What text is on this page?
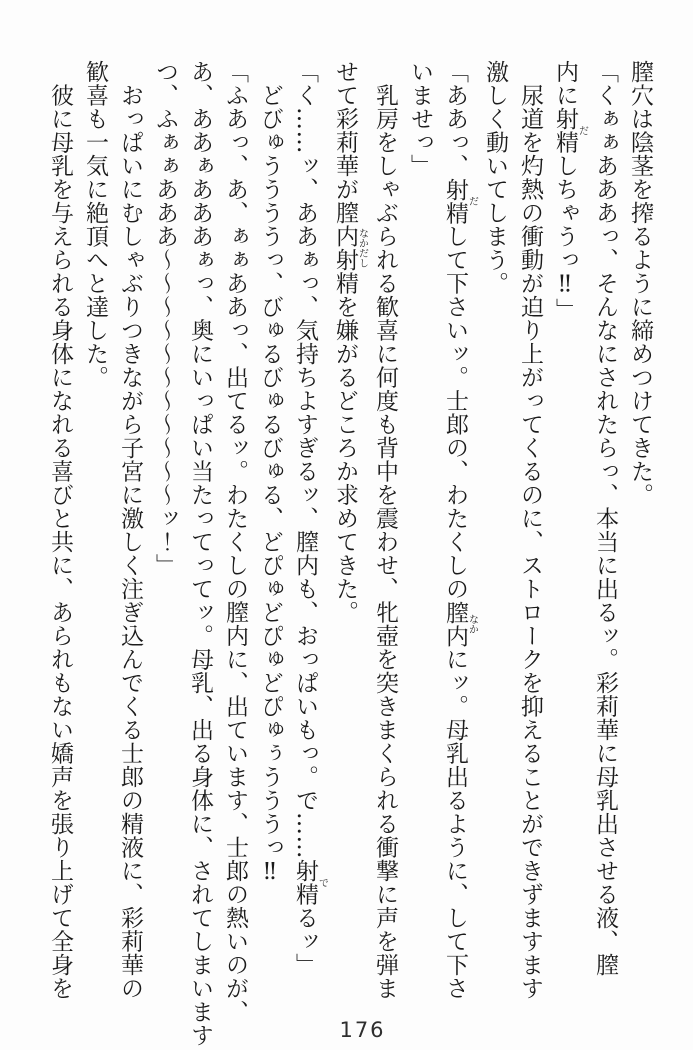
膣穴は陰茎を搾るように締めつけてきた。

「くぁぁあああっ、そんなにされたらっ、本当に出るッ。彩莉華に母乳出させる液、膣

内に射精だしちゃうっ‼」

　尿道を灼熱の衝動が迫り上がってくるのに、ストロークを抑えることができずますます

激しく動いてしまう。

「ああっ、射精だして下さいッ。士郎の、わたくしの膣内なかにッ。母乳出るように、して下さ

いませっ」

　乳房をしゃぶられる歓喜に何度も背中を震わせ、牝壺を突きまくられる衝撃に声を弾ま

せて彩莉華が膣内射精なかだしを嫌がるどころか求めてきた。

「く……ッ、ああぁっ、気持ちよすぎるッ、膣内も、おっぱいもっ。で……射精でるッ」

　どびゅううううっ、びゅるびゅるびゅる、どぴゅどぴゅどぴゅぅうううっ‼

「ふあっ、あ、ぁぁああっ、出てるッ。わたくしの膣内に、出ています、士郎の熱いのが、

あ、ああぁあああぁっ、奥にいっぱい当たってってッ。母乳、出る身体に、されてしまいます

つ、ふぁぁあああ～～～～～～～～～～～ッ！」

　おっぱいにむしゃぶりつきながら子宮に激しく注ぎ込んでくる士郎の精液に、彩莉華の

歓喜も一気に絶頂へと達した。

　彼に母乳を与えられる身体になれる喜びと共に、あられもない嬌声を張り上げて全身を

176
